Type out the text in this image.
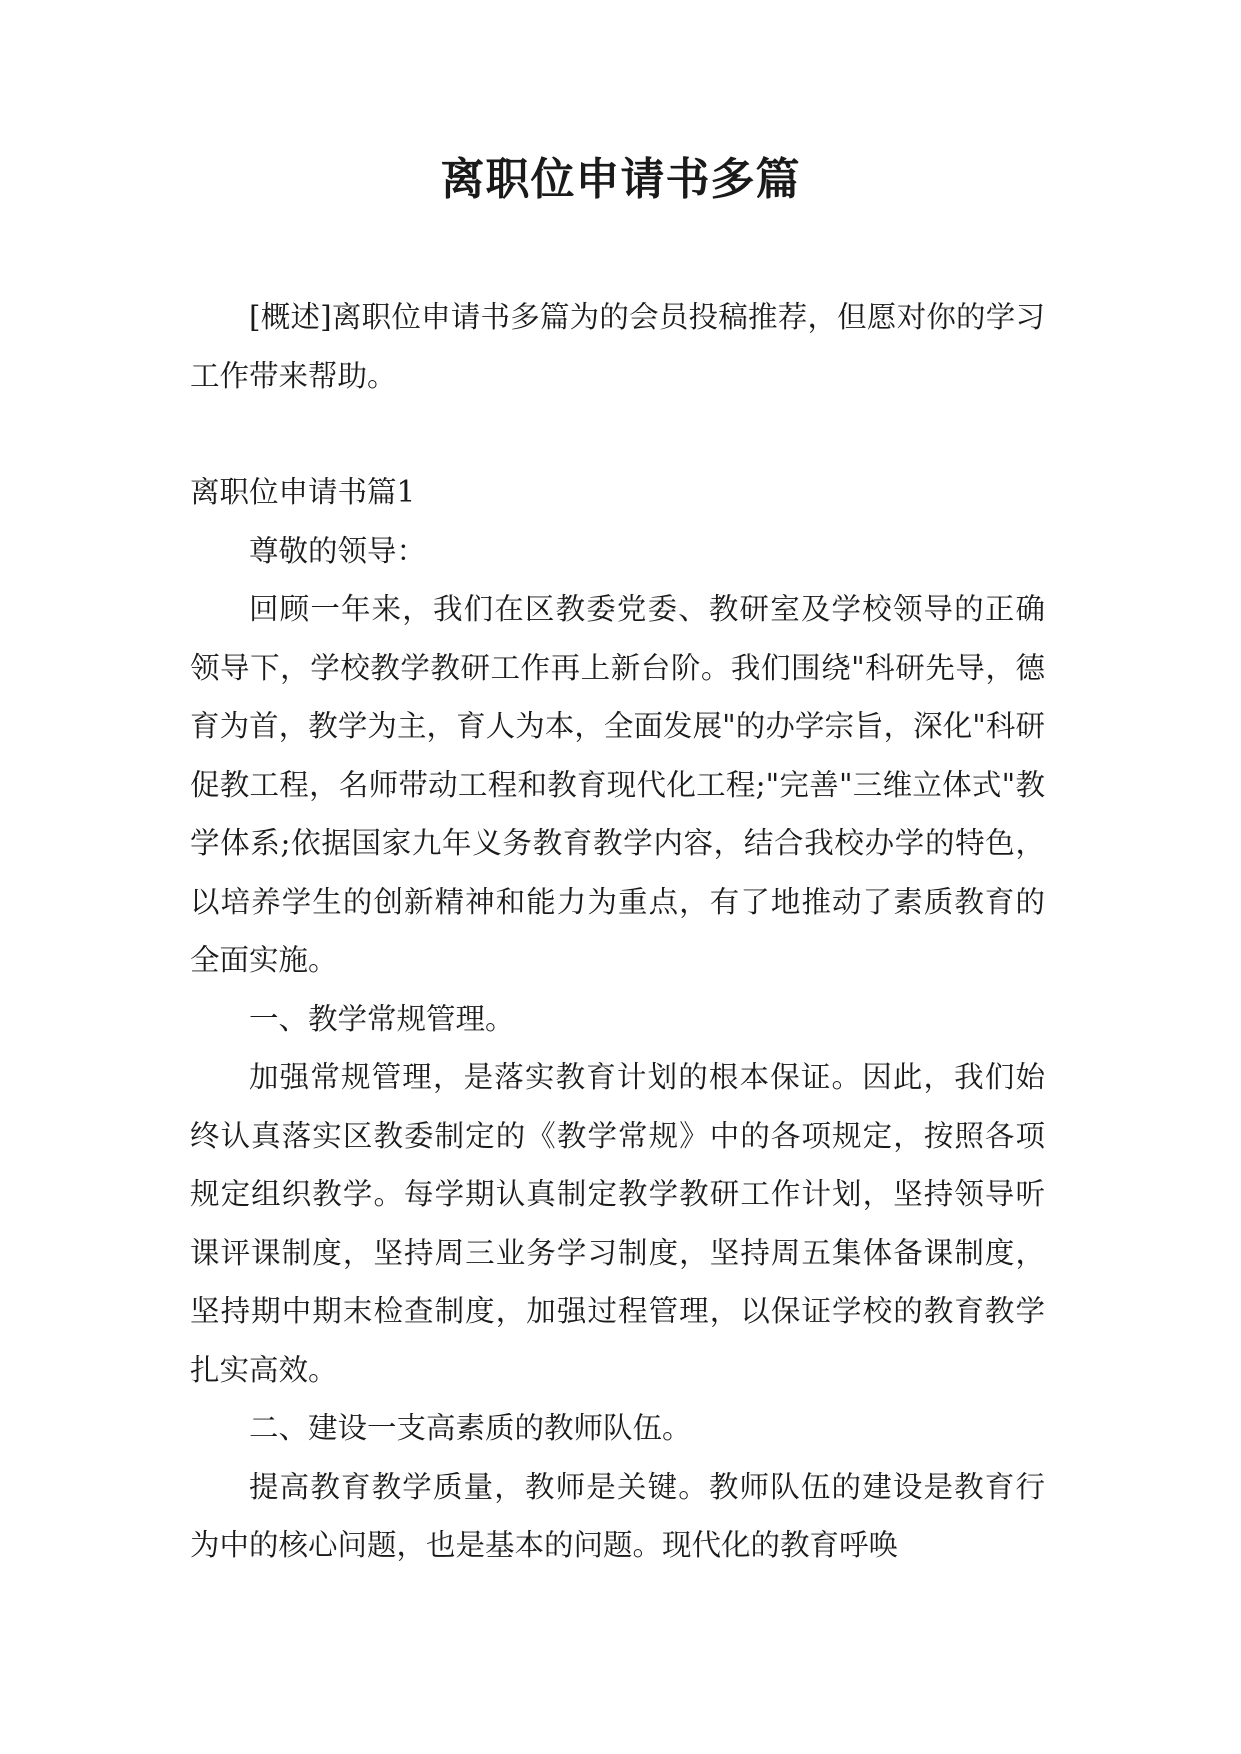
离职位申请书多篇

[概述]离职位申请书多篇为的会员投稿推荐，但愿对你的学习工作带来帮助。

离职位申请书篇1

尊敬的领导：

回顾一年来，我们在区教委党委、教研室及学校领导的正确领导下，学校教学教研工作再上新台阶。我们围绕"科研先导，德育为首，教学为主，育人为本，全面发展"的办学宗旨，深化"科研促教工程，名师带动工程和教育现代化工程;"完善"三维立体式"教学体系;依据国家九年义务教育教学内容，结合我校办学的特色，以培养学生的创新精神和能力为重点，有了地推动了素质教育的全面实施。

一、教学常规管理。

加强常规管理，是落实教育计划的根本保证。因此，我们始终认真落实区教委制定的《教学常规》中的各项规定，按照各项规定组织教学。每学期认真制定教学教研工作计划，坚持领导听课评课制度，坚持周三业务学习制度，坚持周五集体备课制度，坚持期中期末检查制度，加强过程管理，以保证学校的教育教学扎实高效。

二、建设一支高素质的教师队伍。

提高教育教学质量，教师是关键。教师队伍的建设是教育行为中的核心问题，也是基本的问题。现代化的教育呼唤
